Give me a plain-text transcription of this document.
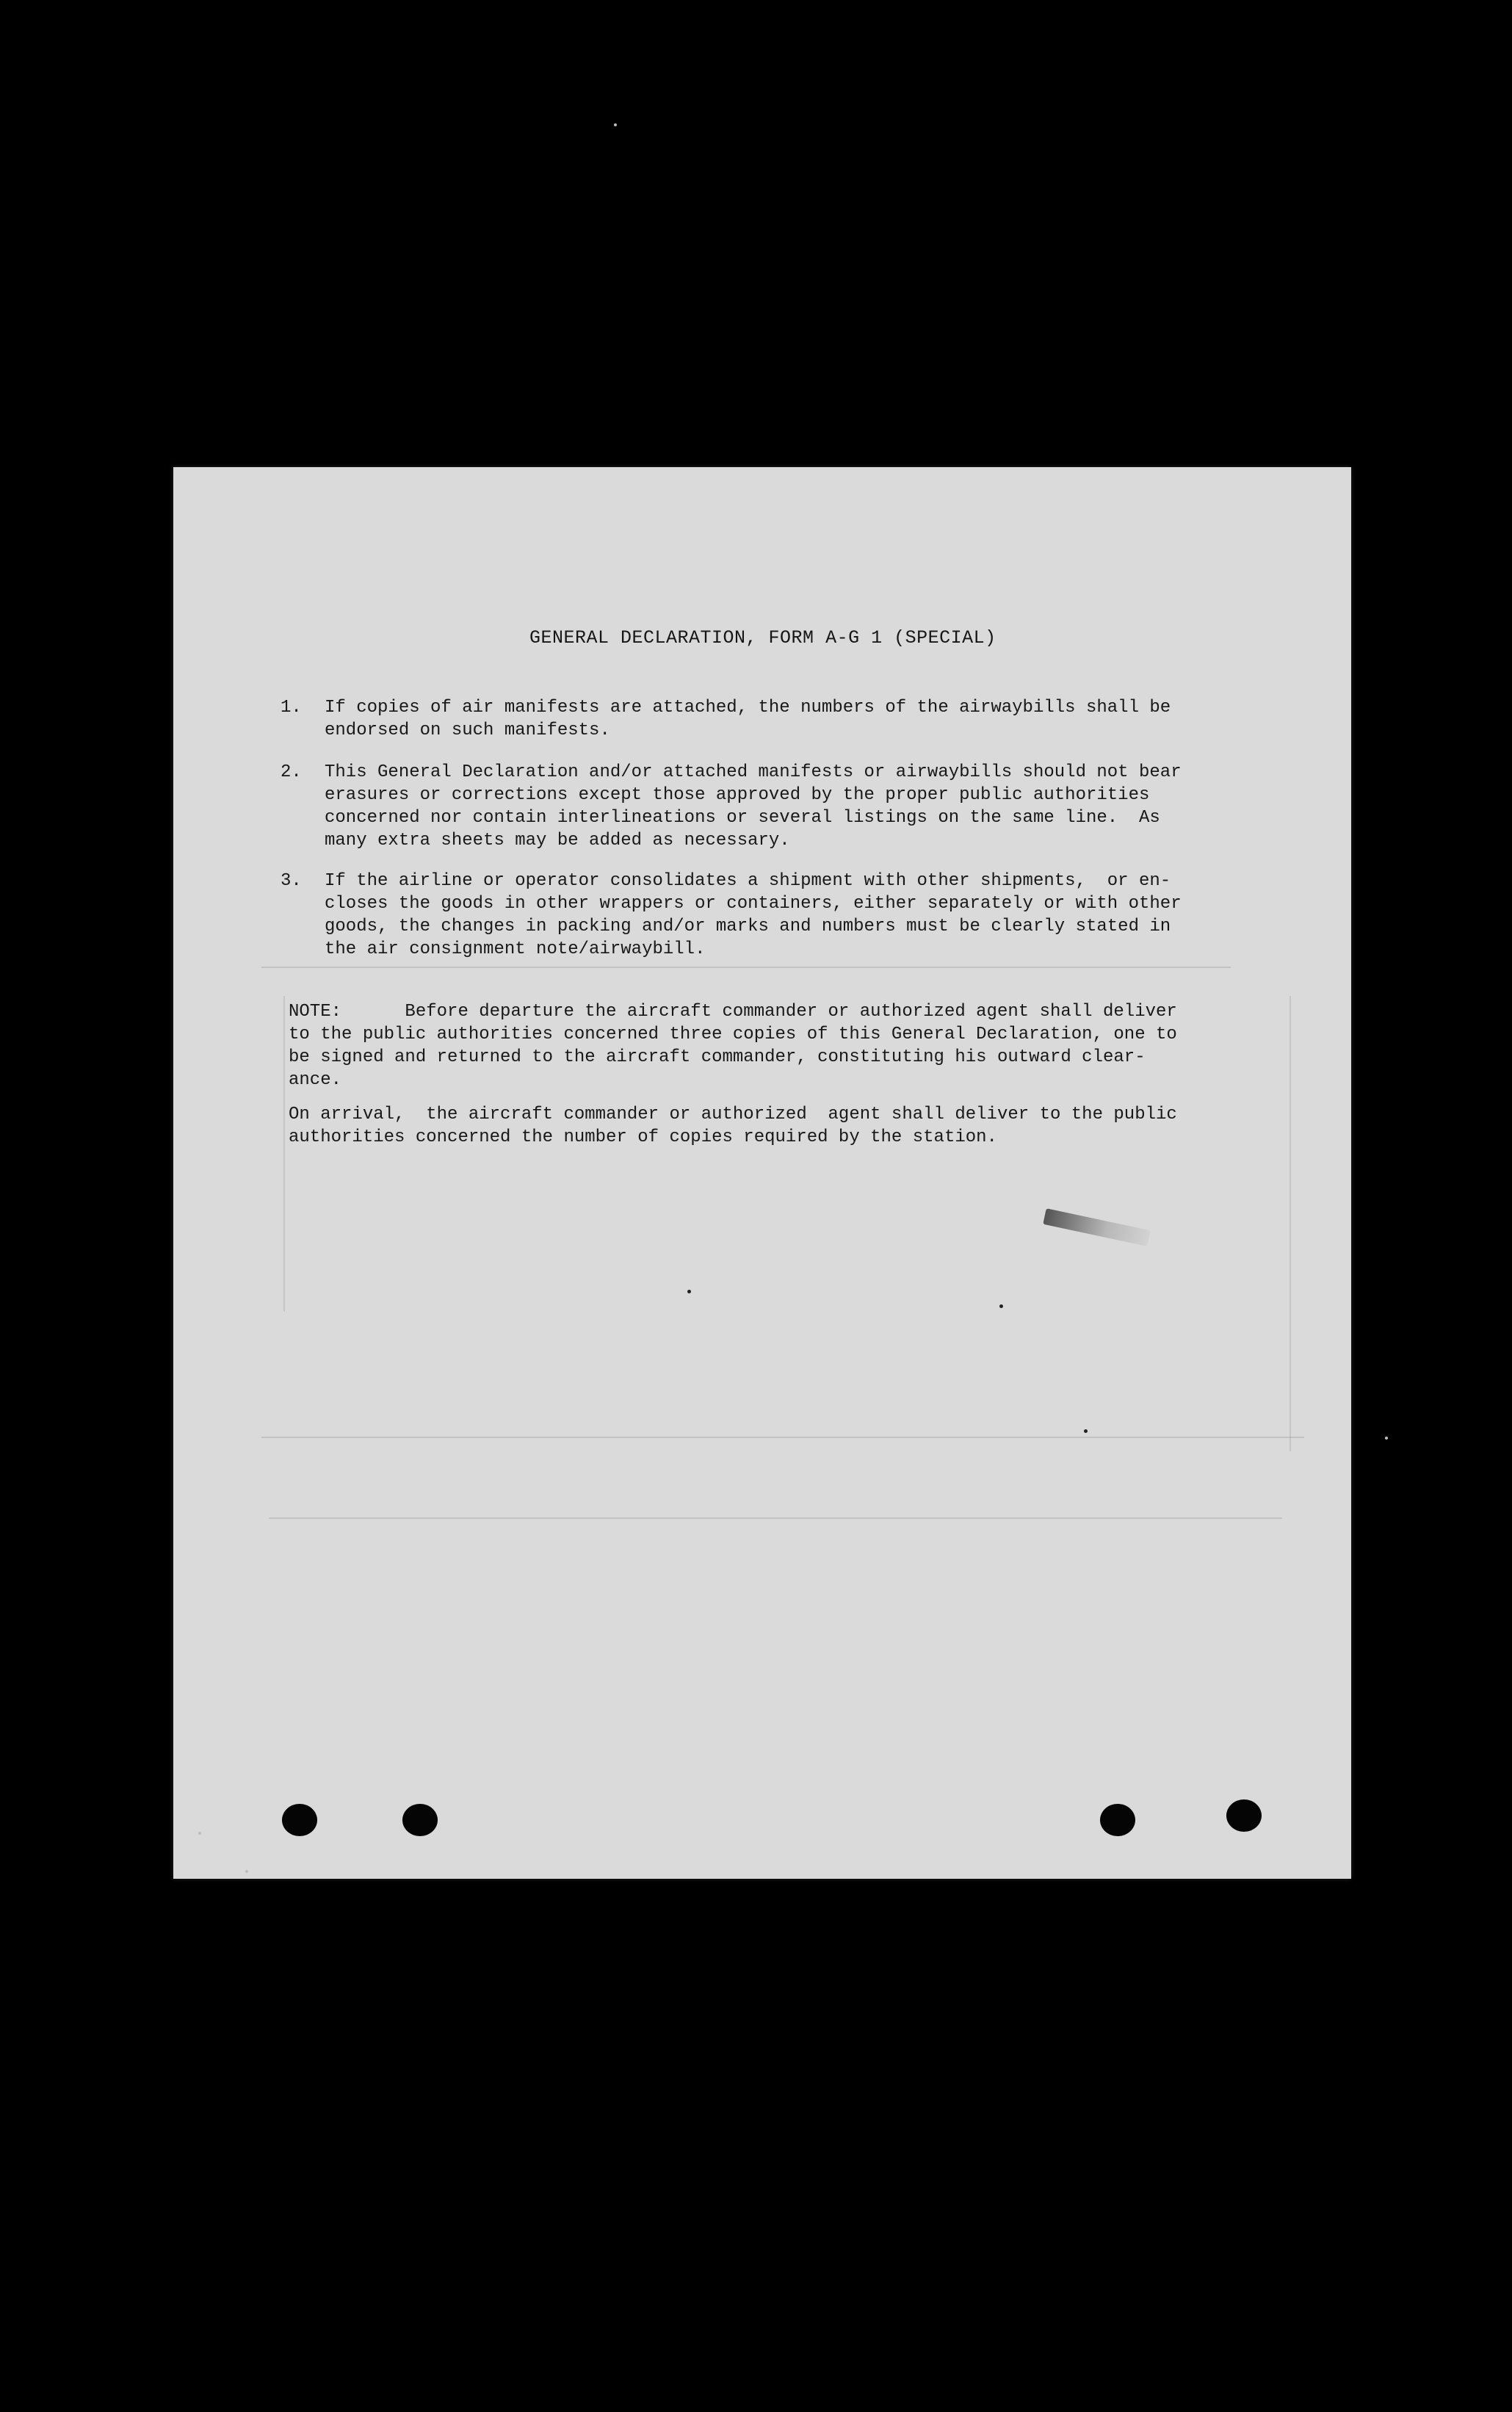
GENERAL DECLARATION, FORM A-G 1 (SPECIAL)
1. If copies of air manifests are attached, the numbers of the airwaybills shall be
endorsed on such manifests.
2. This General Declaration and/or attached manifests or airwaybills should not bear
erasures or corrections except those approved by the proper public authorities
concerned nor contain interlineations or several listings on the same line.  As
many extra sheets may be added as necessary.
3. If the airline or operator consolidates a shipment with other shipments,  or en-
closes the goods in other wrappers or containers, either separately or with other
goods, the changes in packing and/or marks and numbers must be clearly stated in
the air consignment note/airwaybill.
NOTE:      Before departure the aircraft commander or authorized agent shall deliver
to the public authorities concerned three copies of this General Declaration, one to
be signed and returned to the aircraft commander, constituting his outward clear-
ance.
On arrival,  the aircraft commander or authorized  agent shall deliver to the public
authorities concerned the number of copies required by the station.
